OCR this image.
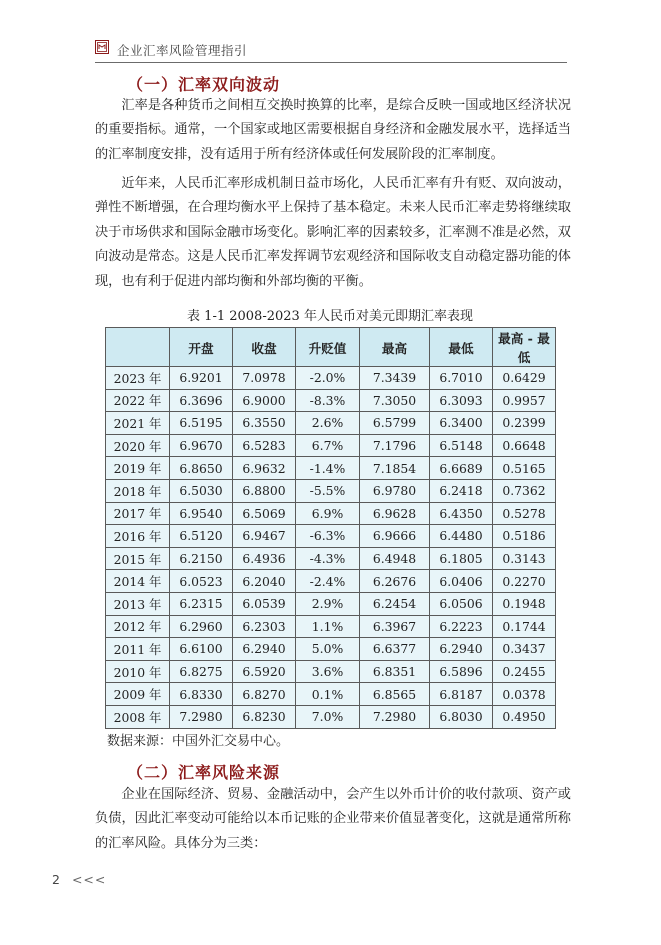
企业汇率风险管理指引
（一）汇率双向波动
汇率是各种货币之间相互交换时换算的比率，是综合反映一国或地区经济状况的重要指标。通常，一个国家或地区需要根据自身经济和金融发展水平，选择适当的汇率制度安排，没有适用于所有经济体或任何发展阶段的汇率制度。
近年来，人民币汇率形成机制日益市场化，人民币汇率有升有贬、双向波动，弹性不断增强，在合理均衡水平上保持了基本稳定。未来人民币汇率走势将继续取决于市场供求和国际金融市场变化。影响汇率的因素较多，汇率测不准是必然，双向波动是常态。这是人民币汇率发挥调节宏观经济和国际收支自动稳定器功能的体现，也有利于促进内部均衡和外部均衡的平衡。
表 1-1 2008-2023 年人民币对美元即期汇率表现
	开盘	收盘	升贬值	最高	最低	最高 - 最低
2023 年	6.9201	7.0978	-2.0%	7.3439	6.7010	0.6429
2022 年	6.3696	6.9000	-8.3%	7.3050	6.3093	0.9957
2021 年	6.5195	6.3550	2.6%	6.5799	6.3400	0.2399
2020 年	6.9670	6.5283	6.7%	7.1796	6.5148	0.6648
2019 年	6.8650	6.9632	-1.4%	7.1854	6.6689	0.5165
2018 年	6.5030	6.8800	-5.5%	6.9780	6.2418	0.7362
2017 年	6.9540	6.5069	6.9%	6.9628	6.4350	0.5278
2016 年	6.5120	6.9467	-6.3%	6.9666	6.4480	0.5186
2015 年	6.2150	6.4936	-4.3%	6.4948	6.1805	0.3143
2014 年	6.0523	6.2040	-2.4%	6.2676	6.0406	0.2270
2013 年	6.2315	6.0539	2.9%	6.2454	6.0506	0.1948
2012 年	6.2960	6.2303	1.1%	6.3967	6.2223	0.1744
2011 年	6.6100	6.2940	5.0%	6.6377	6.2940	0.3437
2010 年	6.8275	6.5920	3.6%	6.8351	6.5896	0.2455
2009 年	6.8330	6.8270	0.1%	6.8565	6.8187	0.0378
2008 年	7.2980	6.8230	7.0%	7.2980	6.8030	0.4950
数据来源：中国外汇交易中心。
（二）汇率风险来源
企业在国际经济、贸易、金融活动中，会产生以外币计价的收付款项、资产或负债，因此汇率变动可能给以本币记账的企业带来价值显著变化，这就是通常所称的汇率风险。具体分为三类：
2 <<<
